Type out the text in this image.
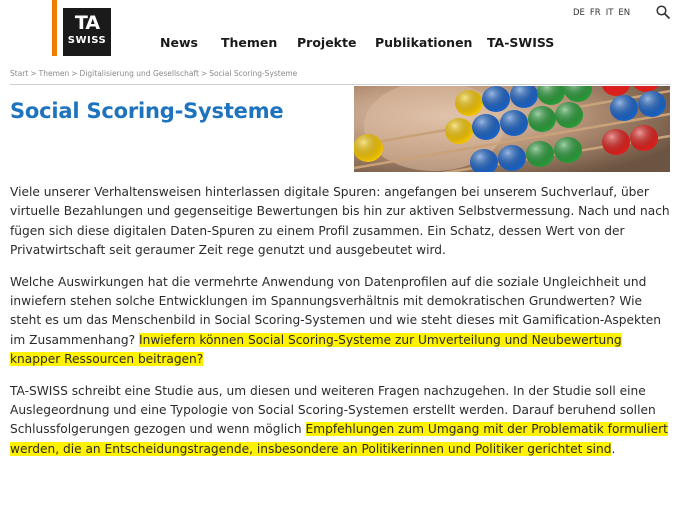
TA
SWISS	News Themen Projekte Publikationen TA-SWISS
DE FR IT EN
Start > Themen > Digitalisierung und Gesellschaft > Social Scoring-Systeme
Social Scoring-Systeme

Viele unserer Verhaltensweisen hinterlassen digitale Spuren: angefangen bei unserem Suchverlauf, über virtuelle Bezahlungen und gegenseitige Bewertungen bis hin zur aktiven Selbstvermessung. Nach und nach fügen sich diese digitalen Daten-Spuren zu einem Profil zusammen. Ein Schatz, dessen Wert von der Privatwirtschaft seit geraumer Zeit rege genutzt und ausgebeutet wird.

Welche Auswirkungen hat die vermehrte Anwendung von Datenprofilen auf die soziale Ungleichheit und inwiefern stehen solche Entwicklungen im Spannungsverhältnis mit demokratischen Grundwerten? Wie steht es um das Menschenbild in Social Scoring-Systemen und wie steht dieses mit Gamification-Aspekten im Zusammenhang? Inwiefern können Social Scoring-Systeme zur Umverteilung und Neubewertung knapper Ressourcen beitragen?

TA-SWISS schreibt eine Studie aus, um diesen und weiteren Fragen nachzugehen. In der Studie soll eine Auslegeordnung und eine Typologie von Social Scoring-Systemen erstellt werden. Darauf beruhend sollen Schlussfolgerungen gezogen und wenn möglich Empfehlungen zum Umgang mit der Problematik formuliert werden, die an Entscheidungstragende, insbesondere an Politikerinnen und Politiker gerichtet sind.
